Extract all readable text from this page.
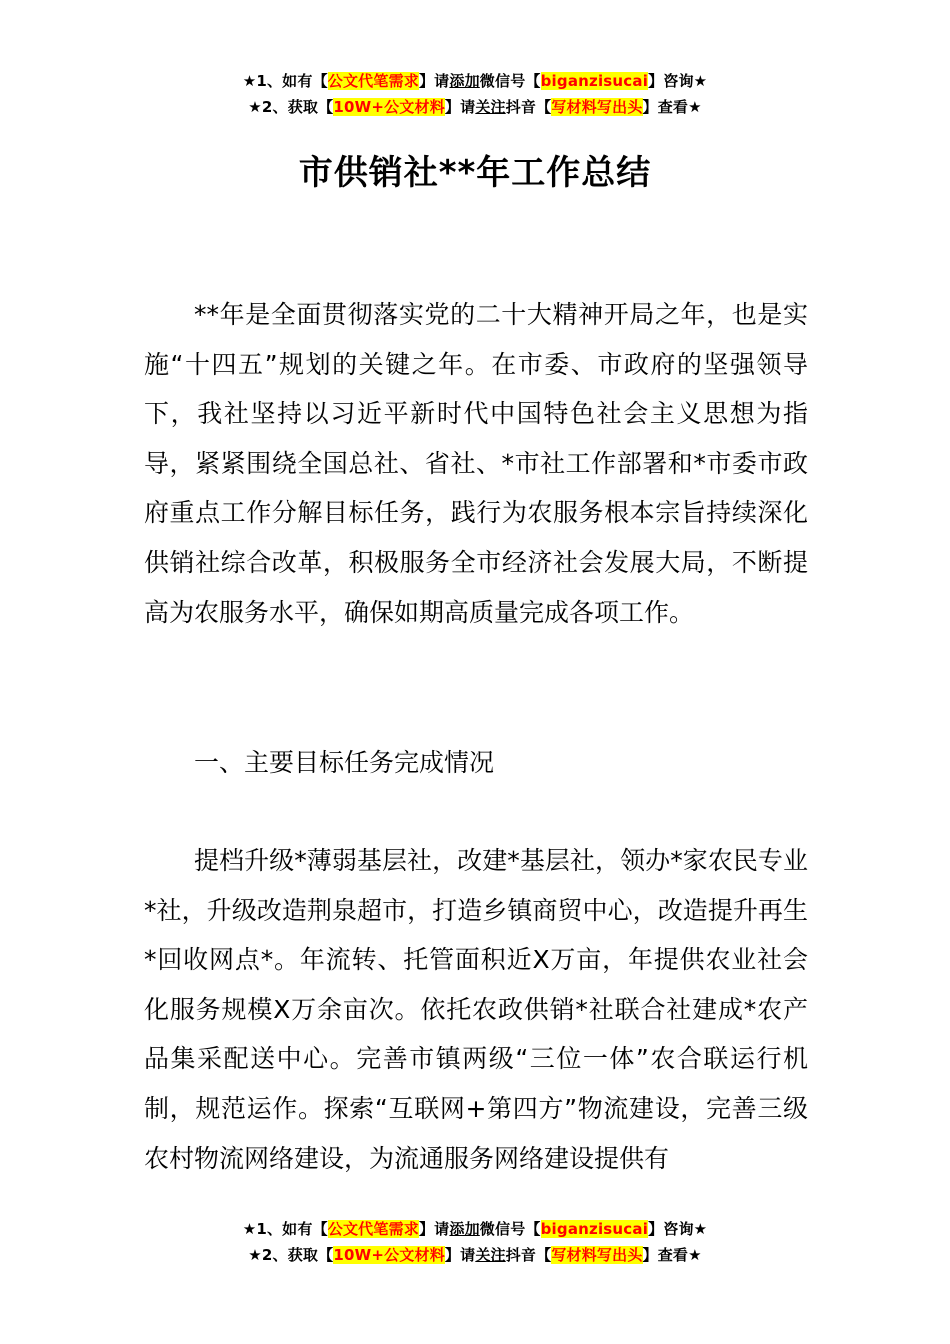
★1、如有【公文代笔需求】请添加微信号【biganzisucai】咨询★
★2、获取【10W+公文材料】请关注抖音【写材料写出头】查看★
市供销社**年工作总结

**年是全面贯彻落实党的二十大精神开局之年，也是实施“十四五”规划的关键之年。在市委、市政府的坚强领导下，我社坚持以习近平新时代中国特色社会主义思想为指导，紧紧围绕全国总社、省社、*市社工作部署和*市委市政府重点工作分解目标任务，践行为农服务根本宗旨持续深化供销社综合改革，积极服务全市经济社会发展大局，不断提高为农服务水平，确保如期高质量完成各项工作。

一、主要目标任务完成情况

提档升级*薄弱基层社，改建*基层社，领办*家农民专业*社，升级改造荆泉超市，打造乡镇商贸中心，改造提升再生*回收网点*。年流转、托管面积近X万亩，年提供农业社会化服务规模X万余亩次。依托农政供销*社联合社建成*农产品集采配送中心。完善市镇两级“三位一体”农合联运行机制，规范运作。探索“互联网+第四方”物流建设，完善三级农村物流网络建设，为流通服务网络建设提供有

★1、如有【公文代笔需求】请添加微信号【biganzisucai】咨询★
★2、获取【10W+公文材料】请关注抖音【写材料写出头】查看★
